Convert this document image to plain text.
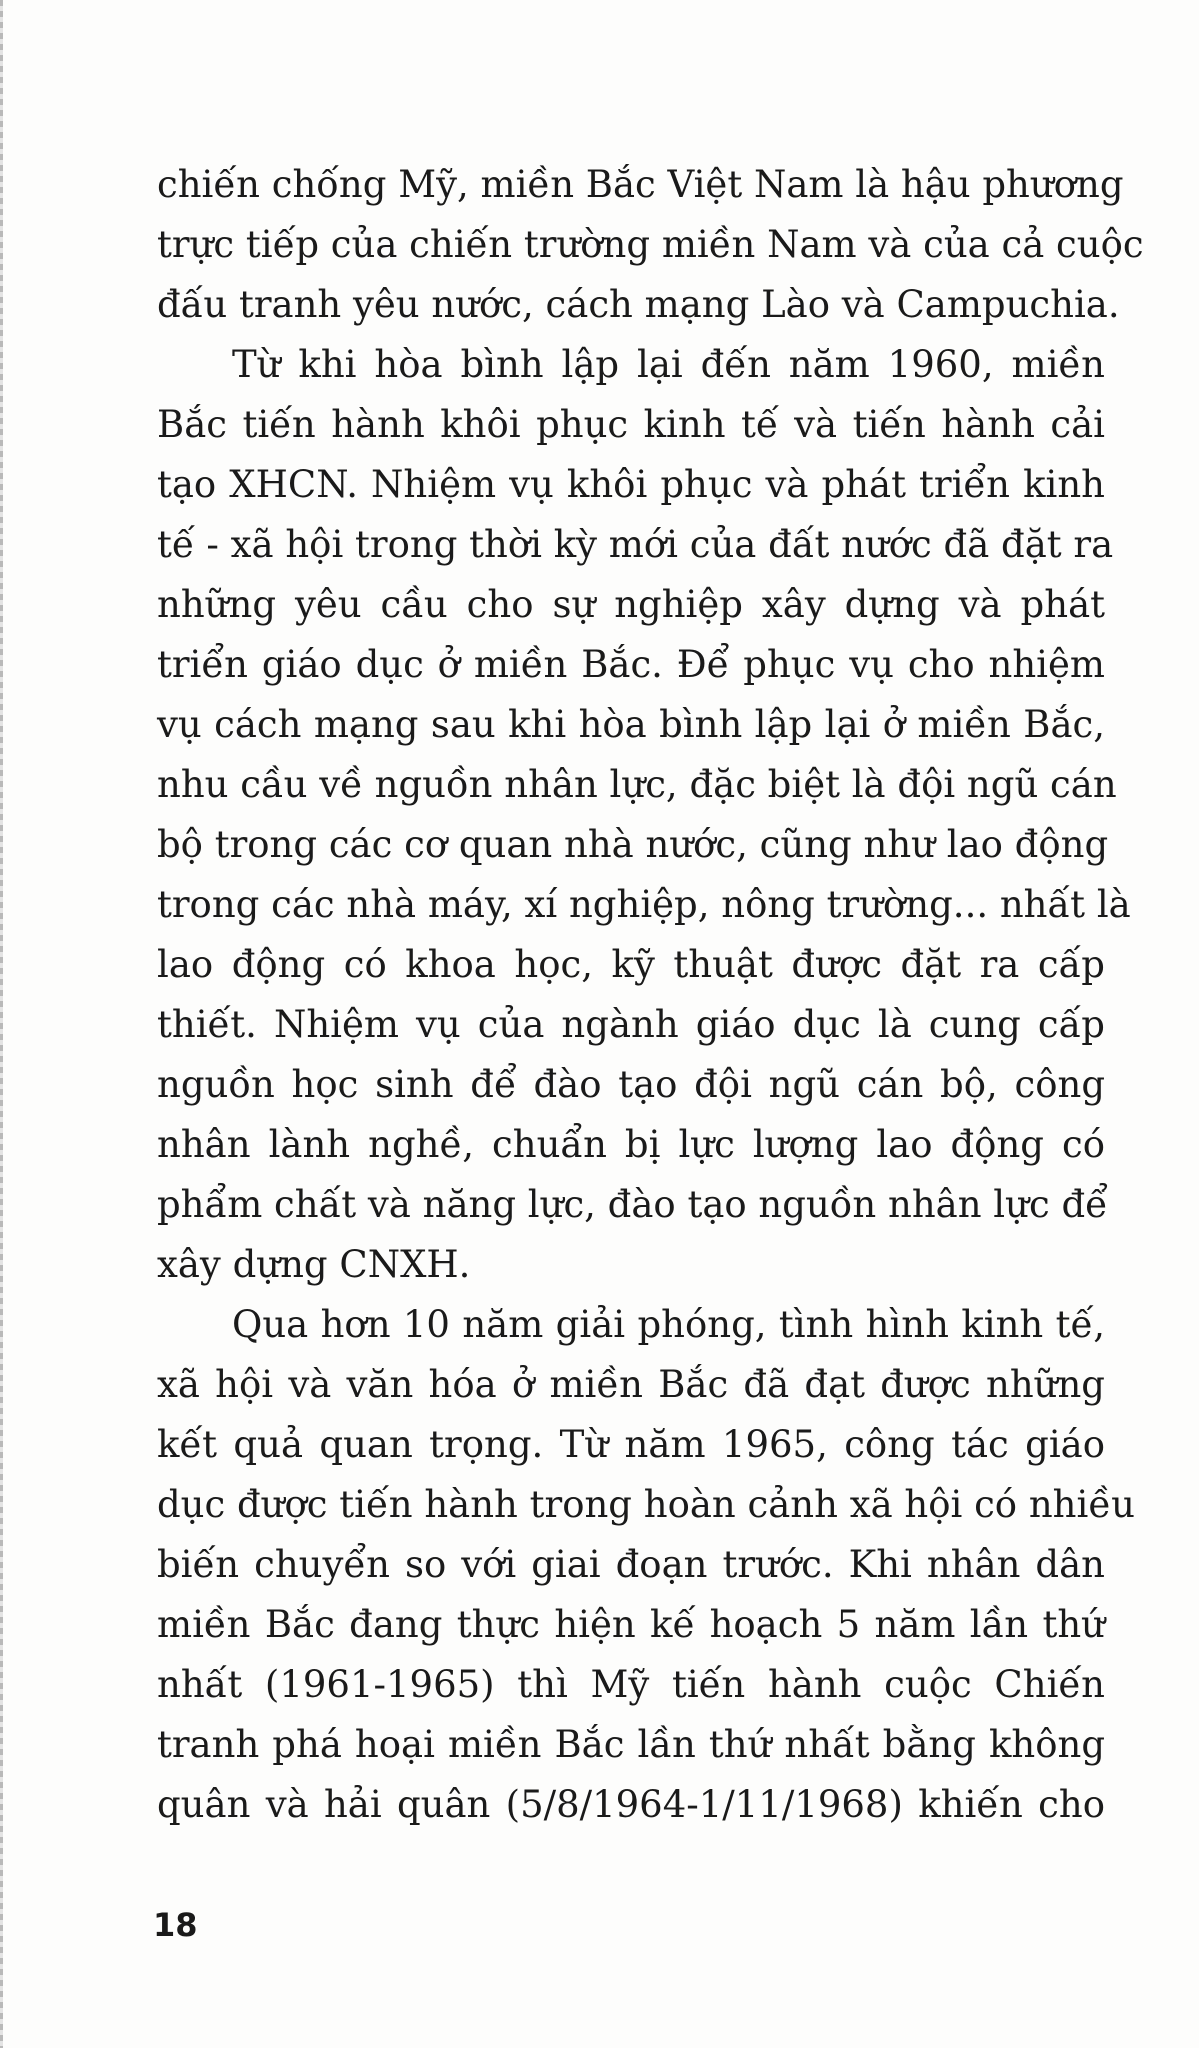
chiến chống Mỹ, miền Bắc Việt Nam là hậu phương
trực tiếp của chiến trường miền Nam và của cả cuộc
đấu tranh yêu nước, cách mạng Lào và Campuchia.
Từ khi hòa bình lập lại đến năm 1960, miền
Bắc tiến hành khôi phục kinh tế và tiến hành cải
tạo XHCN. Nhiệm vụ khôi phục và phát triển kinh
tế - xã hội trong thời kỳ mới của đất nước đã đặt ra
những yêu cầu cho sự nghiệp xây dựng và phát
triển giáo dục ở miền Bắc. Để phục vụ cho nhiệm
vụ cách mạng sau khi hòa bình lập lại ở miền Bắc,
nhu cầu về nguồn nhân lực, đặc biệt là đội ngũ cán
bộ trong các cơ quan nhà nước, cũng như lao động
trong các nhà máy, xí nghiệp, nông trường... nhất là
lao động có khoa học, kỹ thuật được đặt ra cấp
thiết. Nhiệm vụ của ngành giáo dục là cung cấp
nguồn học sinh để đào tạo đội ngũ cán bộ, công
nhân lành nghề, chuẩn bị lực lượng lao động có
phẩm chất và năng lực, đào tạo nguồn nhân lực để
xây dựng CNXH.
Qua hơn 10 năm giải phóng, tình hình kinh tế,
xã hội và văn hóa ở miền Bắc đã đạt được những
kết quả quan trọng. Từ năm 1965, công tác giáo
dục được tiến hành trong hoàn cảnh xã hội có nhiều
biến chuyển so với giai đoạn trước. Khi nhân dân
miền Bắc đang thực hiện kế hoạch 5 năm lần thứ
nhất (1961-1965) thì Mỹ tiến hành cuộc Chiến
tranh phá hoại miền Bắc lần thứ nhất bằng không
quân và hải quân (5/8/1964-1/11/1968) khiến cho
18
